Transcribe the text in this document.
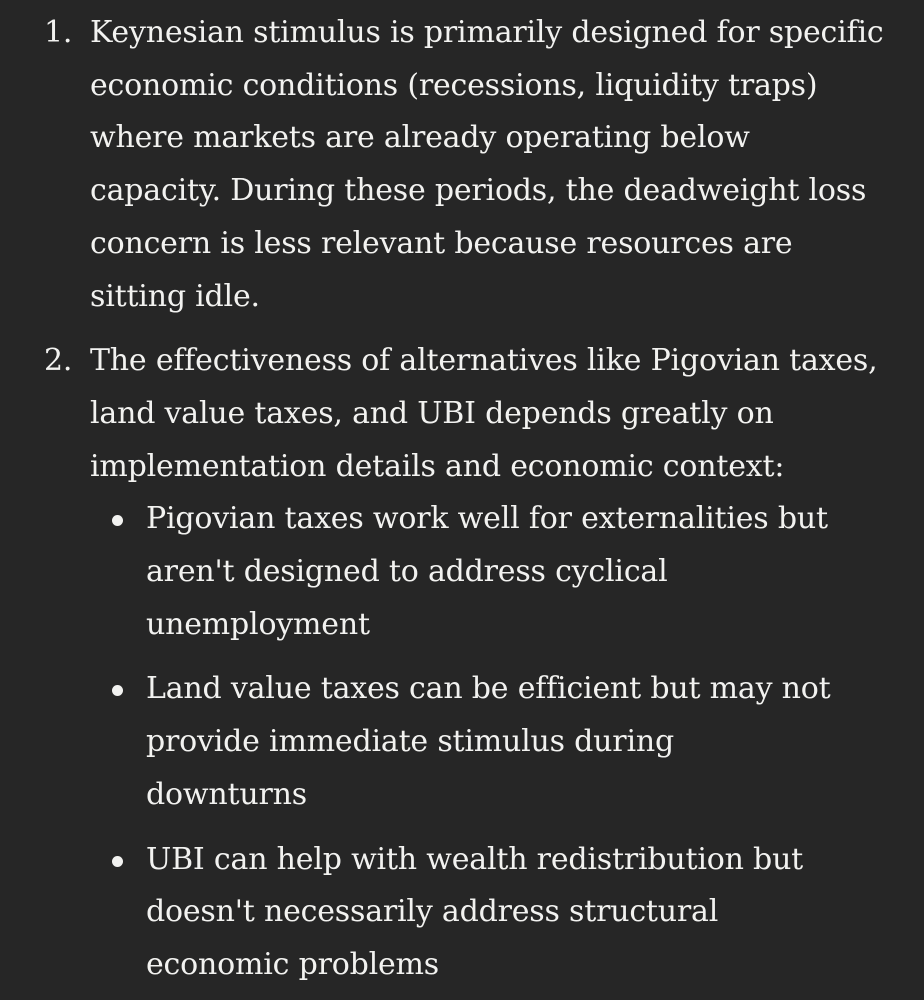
1. Keynesian stimulus is primarily designed for specific economic conditions (recessions, liquidity traps) where markets are already operating below capacity. During these periods, the deadweight loss concern is less relevant because resources are sitting idle.
2. The effectiveness of alternatives like Pigovian taxes, land value taxes, and UBI depends greatly on implementation details and economic context:
Pigovian taxes work well for externalities but aren't designed to address cyclical unemployment
Land value taxes can be efficient but may not provide immediate stimulus during downturns
UBI can help with wealth redistribution but doesn't necessarily address structural economic problems
